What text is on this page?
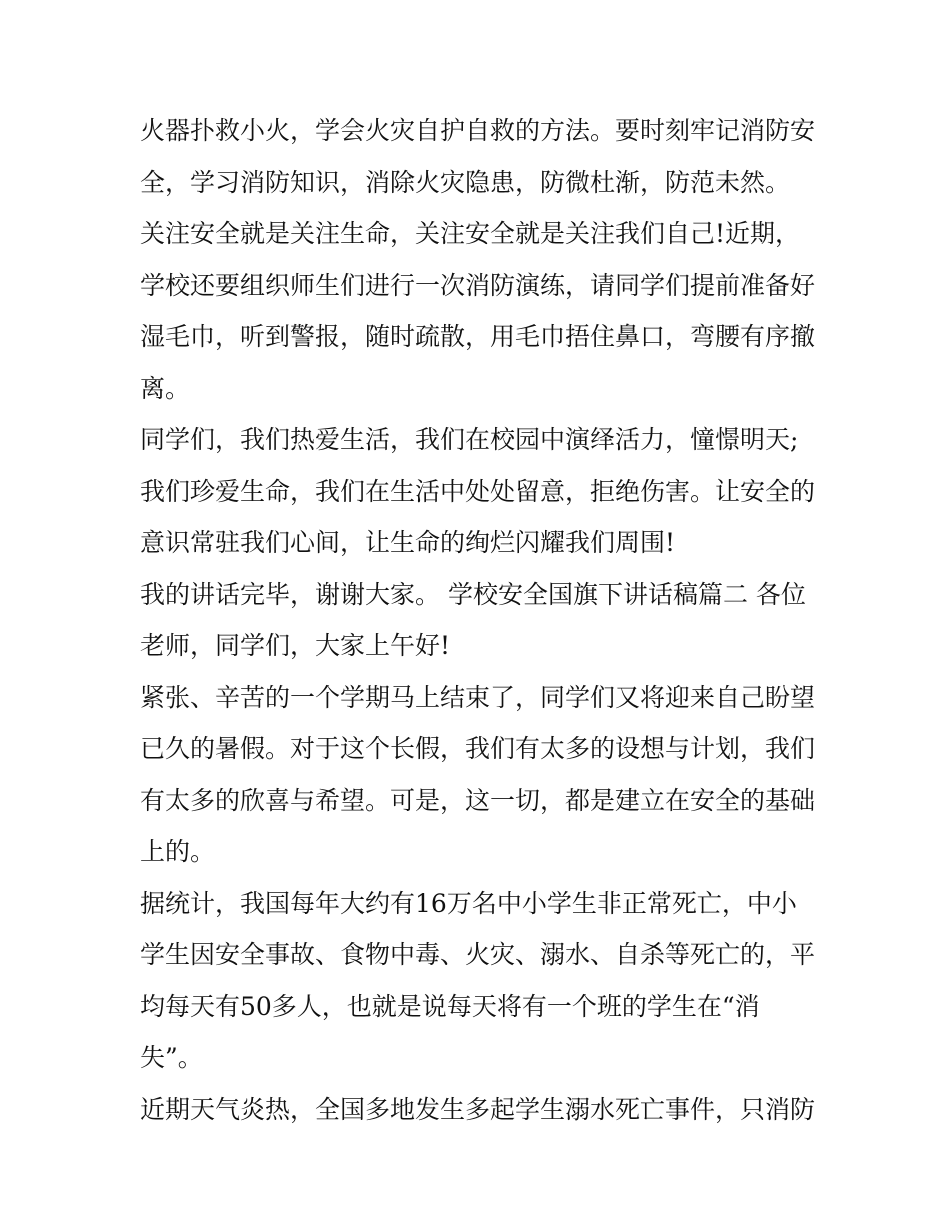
火器扑救小火，学会火灾自护自救的方法。要时刻牢记消防安
全，学习消防知识，消除火灾隐患，防微杜渐，防范未然。

关注安全就是关注生命，关注安全就是关注我们自己!近期，
学校还要组织师生们进行一次消防演练，请同学们提前准备好
湿毛巾，听到警报，随时疏散，用毛巾捂住鼻口，弯腰有序撤
离。

同学们，我们热爱生活，我们在校园中演绎活力，憧憬明天;
我们珍爱生命，我们在生活中处处留意，拒绝伤害。让安全的
意识常驻我们心间，让生命的绚烂闪耀我们周围!

我的讲话完毕，谢谢大家。 学校安全国旗下讲话稿篇二 各位
老师，同学们，大家上午好!

紧张、辛苦的一个学期马上结束了，同学们又将迎来自己盼望
已久的暑假。对于这个长假，我们有太多的设想与计划，我们
有太多的欣喜与希望。可是，这一切，都是建立在安全的基础
上的。

据统计，我国每年大约有16万名中小学生非正常死亡，中小
学生因安全事故、食物中毒、火灾、溺水、自杀等死亡的，平
均每天有50多人，也就是说每天将有一个班的学生在“消
失”。

近期天气炎热，全国多地发生多起学生溺水死亡事件，只消防
